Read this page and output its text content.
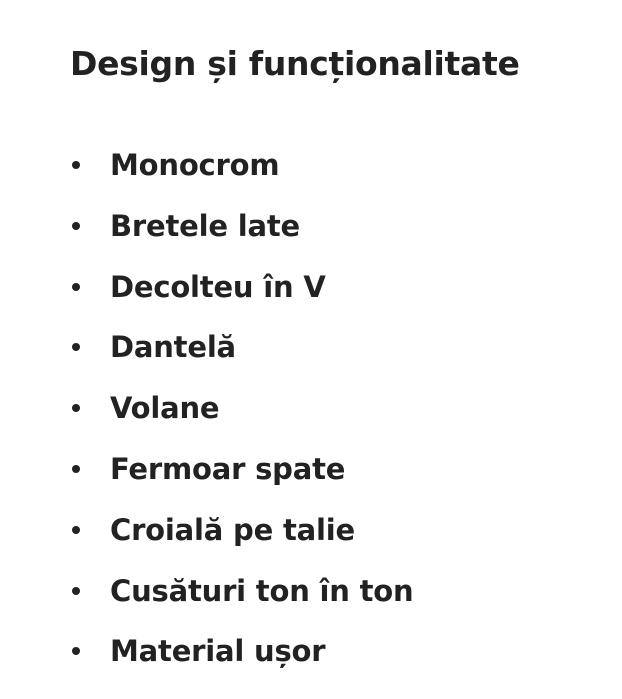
Design și funcționalitate
Monocrom
Bretele late
Decolteu în V
Dantelă
Volane
Fermoar spate
Croială pe talie
Cusături ton în ton
Material ușor
